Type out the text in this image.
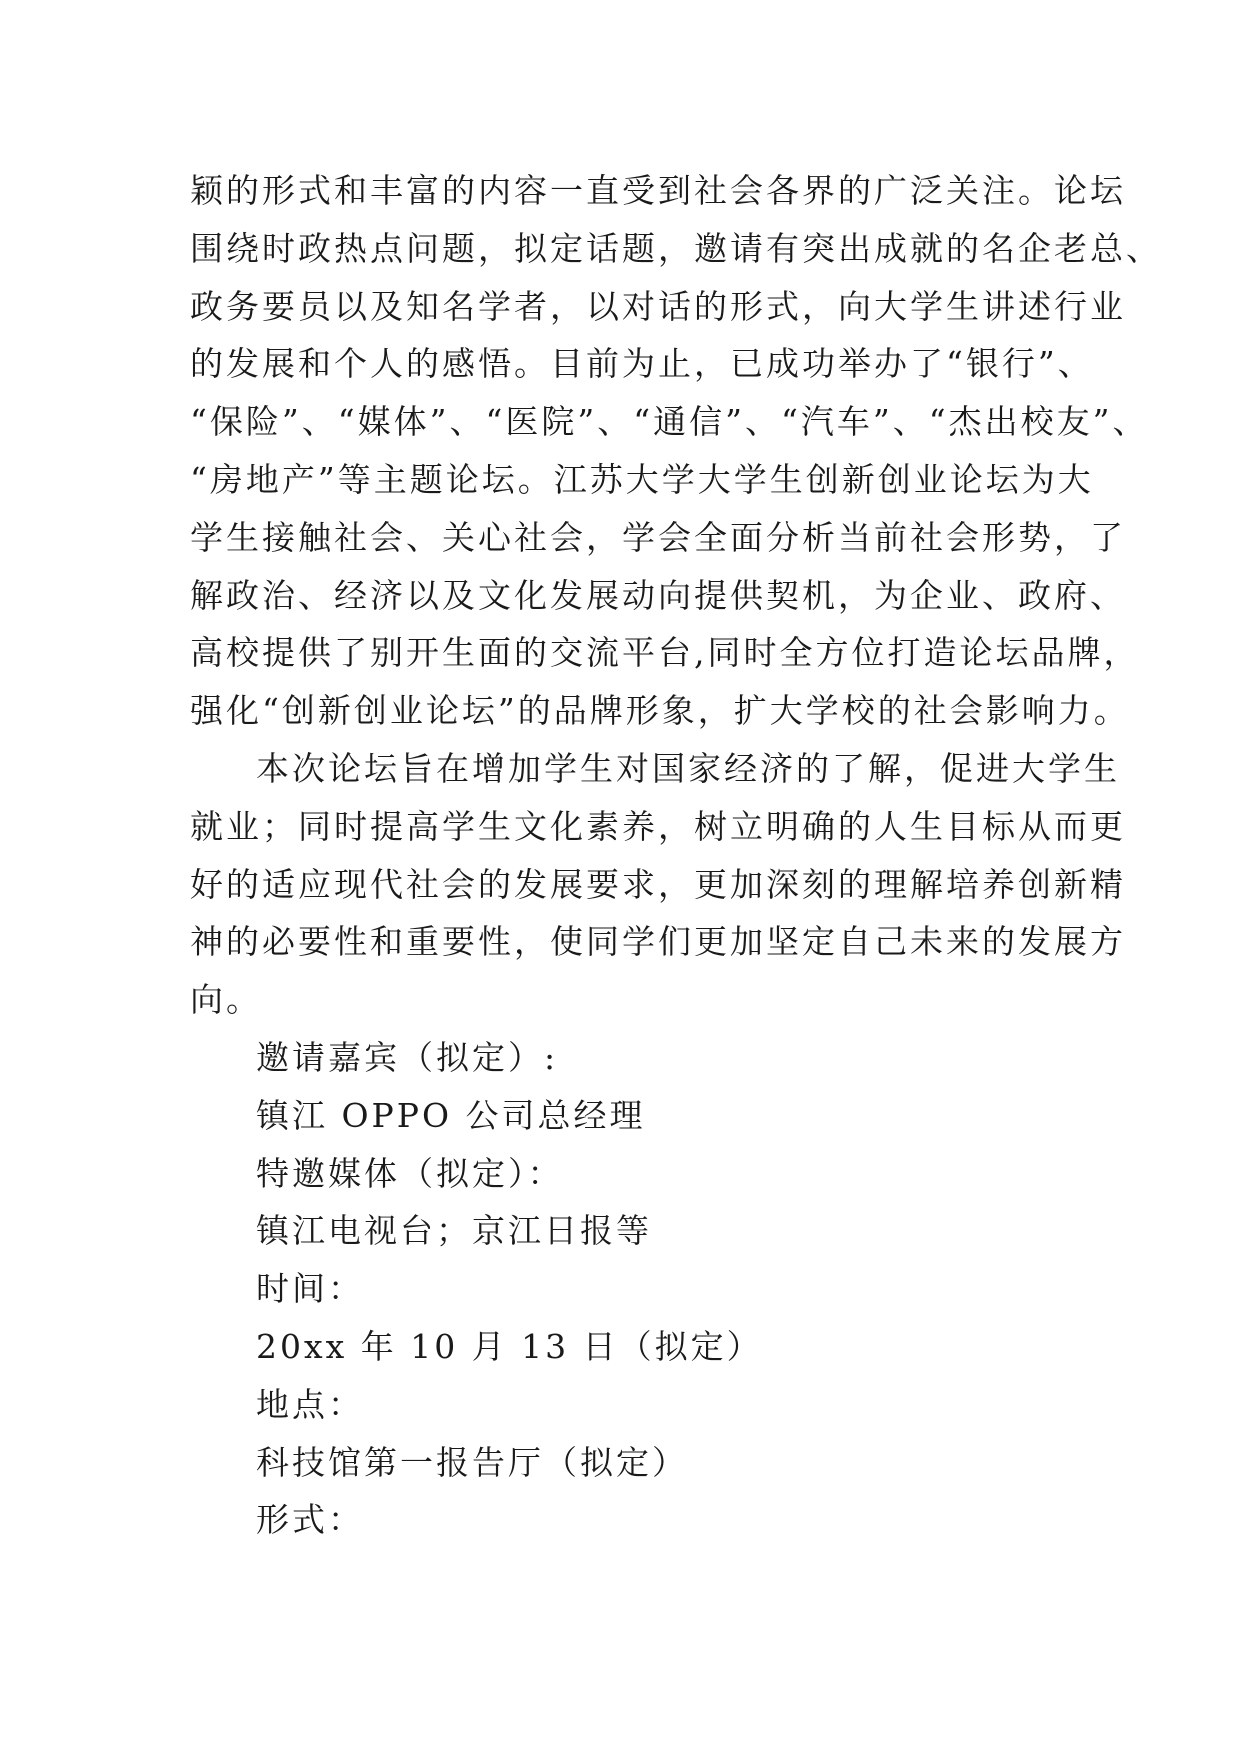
颖的形式和丰富的内容一直受到社会各界的广泛关注。论坛
围绕时政热点问题，拟定话题，邀请有突出成就的名企老总、
政务要员以及知名学者，以对话的形式，向大学生讲述行业
的发展和个人的感悟。目前为止，已成功举办了“银行”、
“保险”、“媒体”、“医院”、“通信”、“汽车”、“杰出校友”、
“房地产”等主题论坛。江苏大学大学生创新创业论坛为大
学生接触社会、关心社会，学会全面分析当前社会形势，了
解政治、经济以及文化发展动向提供契机，为企业、政府、
高校提供了别开生面的交流平台,同时全方位打造论坛品牌，
强化“创新创业论坛”的品牌形象，扩大学校的社会影响力。
本次论坛旨在增加学生对国家经济的了解，促进大学生
就业；同时提高学生文化素养，树立明确的人生目标从而更
好的适应现代社会的发展要求，更加深刻的理解培养创新精
神的必要性和重要性，使同学们更加坚定自己未来的发展方
向。
邀请嘉宾（拟定）:
镇江 OPPO 公司总经理
特邀媒体（拟定）：
镇江电视台；京江日报等
时间：
20xx 年 10 月 13 日（拟定）
地点：
科技馆第一报告厅（拟定）
形式：
